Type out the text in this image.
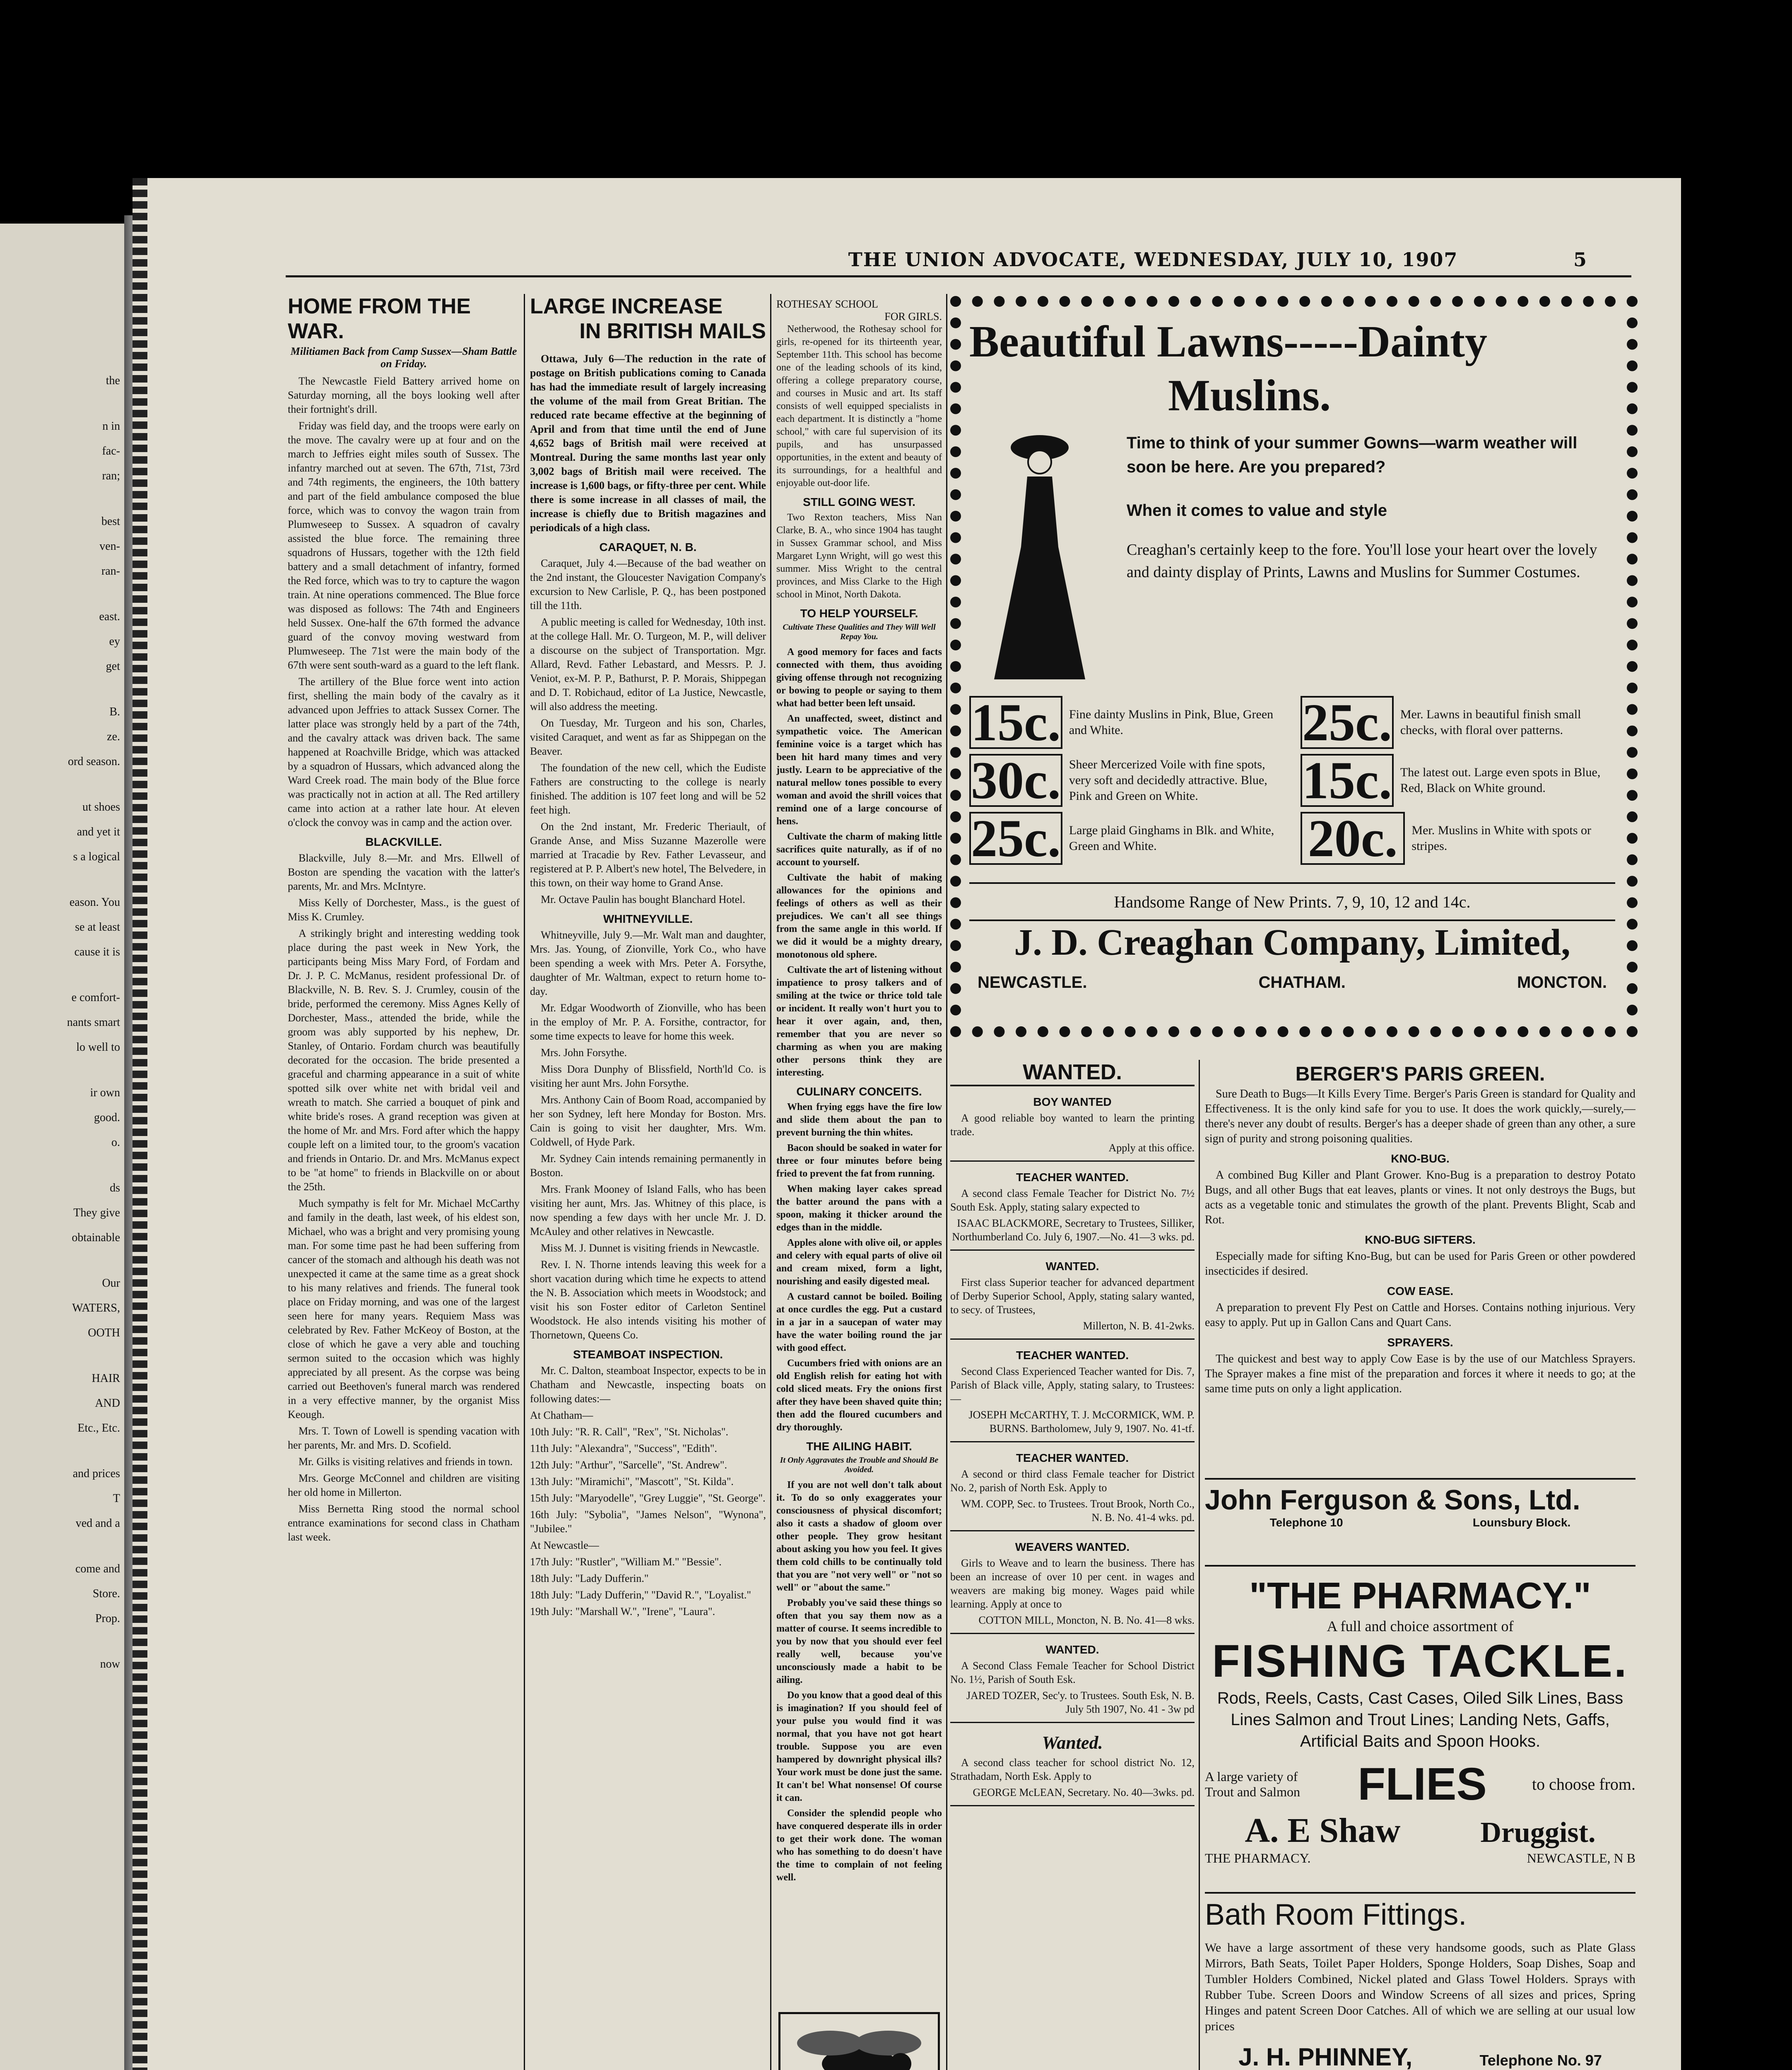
THE UNION ADVOCATE, WEDNESDAY, JULY 10, 1907	5
the
n in
fac-
ran;
best
ven-
ran-
east.
ey
get
B.
ze.
ord season.
ut shoes
and yet it
s a logical
eason. You
se at least
cause it is
e comfort-
nants smart
lo well to
ir own
good.
o.
ds
They give
obtainable
Our
WATERS,
OOTH
HAIR
AND
Etc., Etc.
and prices
T
ved and a
come and
Store.
Prop.
now
HOME FROM THE WAR.
Militiamen Back from Camp Sussex—Sham Battle on Friday.

The Newcastle Field Battery arrived home on Saturday morning, all the boys looking well after their fortnight's drill.

Friday was field day, and the troops were early on the move. The cavalry were up at four and on the march to Jeffries eight miles south of Sussex. The infantry marched out at seven. The 67th, 71st, 73rd and 74th regiments, the engineers, the 10th battery and part of the field ambulance composed the blue force, which was to convoy the wagon train from Plumweseep to Sussex. A squadron of cavalry assisted the blue force. The remaining three squadrons of Hussars, together with the 12th field battery and a small detachment of infantry, formed the Red force, which was to try to capture the wagon train. At nine operations commenced. The Blue force was disposed as follows: The 74th and Engineers held Sussex. One-half the 67th formed the advance guard of the convoy moving westward from Plumweseep. The 71st were the main body of the 67th were sent south-ward as a guard to the left flank.

The artillery of the Blue force went into action first, shelling the main body of the cavalry as it advanced upon Jeffries to attack Sussex Corner. The latter place was strongly held by a part of the 74th, and the cavalry attack was driven back. The same happened at Roachville Bridge, which was attacked by a squadron of Hussars, which advanced along the Ward Creek road. The main body of the Blue force was practically not in action at all. The Red artillery came into action at a rather late hour. At eleven o'clock the convoy was in camp and the action over.

BLACKVILLE.

Blackville, July 8.—Mr. and Mrs. Ellwell of Boston are spending the vacation with the latter's parents, Mr. and Mrs. McIntyre.

Miss Kelly of Dorchester, Mass., is the guest of Miss K. Crumley.

A strikingly bright and interesting wedding took place during the past week in New York, the participants being Miss Mary Ford, of Fordam and Dr. J. P. C. McManus, resident professional Dr. of Blackville, N. B. Rev. S. J. Crumley, cousin of the bride, performed the ceremony. Miss Agnes Kelly of Dorchester, Mass., attended the bride, while the groom was ably supported by his nephew, Dr. Stanley, of Ontario. Fordam church was beautifully decorated for the occasion. The bride presented a graceful and charming appearance in a suit of white spotted silk over white net with bridal veil and wreath to match. She carried a bouquet of pink and white bride's roses. A grand reception was given at the home of Mr. and Mrs. Ford after which the happy couple left on a limited tour, to the groom's vacation and friends in Ontario. Dr. and Mrs. McManus expect to be "at home" to friends in Blackville on or about the 25th.

Much sympathy is felt for Mr. Michael McCarthy and family in the death, last week, of his eldest son, Michael, who was a bright and very promising young man. For some time past he had been suffering from cancer of the stomach and although his death was not unexpected it came at the same time as a great shock to his many relatives and friends. The funeral took place on Friday morning, and was one of the largest seen here for many years. Requiem Mass was celebrated by Rev. Father McKeoy of Boston, at the close of which he gave a very able and touching sermon suited to the occasion which was highly appreciated by all present. As the corpse was being carried out Beethoven's funeral march was rendered in a very effective manner, by the organist Miss Keough.

Mrs. T. Town of Lowell is spending vacation with her parents, Mr. and Mrs. D. Scofield.

Mr. Gilks is visiting relatives and friends in town.

Mrs. George McConnel and children are visiting her old home in Millerton.

Miss Bernetta Ring stood the normal school entrance examinations for second class in Chatham last week.

LARGE INCREASE
IN BRITISH MAILS

Ottawa, July 6—The reduction in the rate of postage on British publications coming to Canada has had the immediate result of largely increasing the volume of the mail from Great Britian. The reduced rate became effective at the beginning of April and from that time until the end of June 4,652 bags of British mail were received at Montreal. During the same months last year only 3,002 bags of British mail were received. The increase is 1,600 bags, or fifty-three per cent. While there is some increase in all classes of mail, the increase is chiefly due to British magazines and periodicals of a high class.

CARAQUET, N. B.

Caraquet, July 4.—Because of the bad weather on the 2nd instant, the Gloucester Navigation Company's excursion to New Carlisle, P. Q., has been postponed till the 11th.

A public meeting is called for Wednesday, 10th inst. at the college Hall. Mr. O. Turgeon, M. P., will deliver a discourse on the subject of Transportation. Mgr. Allard, Revd. Father Lebastard, and Messrs. P. J. Veniot, ex-M. P. P., Bathurst, P. P. Morais, Shippegan and D. T. Robichaud, editor of La Justice, Newcastle, will also address the meeting.

On Tuesday, Mr. Turgeon and his son, Charles, visited Caraquet, and went as far as Shippegan on the Beaver.

The foundation of the new cell, which the Eudiste Fathers are constructing to the college is nearly finished. The addition is 107 feet long and will be 52 feet high.

On the 2nd instant, Mr. Frederic Theriault, of Grande Anse, and Miss Suzanne Mazerolle were married at Tracadie by Rev. Father Levasseur, and registered at P. P. Albert's new hotel, The Belvedere, in this town, on their way home to Grand Anse.

Mr. Octave Paulin has bought Blanchard Hotel.

WHITNEYVILLE.

Whitneyville, July 9.—Mr. Walt man and daughter, Mrs. Jas. Young, of Zionville, York Co., who have been spending a week with Mrs. Peter A. Forsythe, daughter of Mr. Waltman, expect to return home to-day.

Mr. Edgar Woodworth of Zionville, who has been in the employ of Mr. P. A. Forsithe, contractor, for some time expects to leave for home this week.

Mrs. John Forsythe.

Miss Dora Dunphy of Blissfield, North'ld Co. is visiting her aunt Mrs. John Forsythe.

Mrs. Anthony Cain of Boom Road, accompanied by her son Sydney, left here Monday for Boston. Mrs. Cain is going to visit her daughter, Mrs. Wm. Coldwell, of Hyde Park.

Mr. Sydney Cain intends remaining permanently in Boston.

Mrs. Frank Mooney of Island Falls, who has been visiting her aunt, Mrs. Jas. Whitney of this place, is now spending a few days with her uncle Mr. J. D. McAuley and other relatives in Newcastle.

Miss M. J. Dunnet is visiting friends in Newcastle.

Rev. I. N. Thorne intends leaving this week for a short vacation during which time he expects to attend the N. B. Association which meets in Woodstock; and visit his son Foster editor of Carleton Sentinel Woodstock. He also intends visiting his mother of Thornetown, Queens Co.

STEAMBOAT INSPECTION.

Mr. C. Dalton, steamboat Inspector, expects to be in Chatham and Newcastle, inspecting boats on following dates:—

At Chatham—

10th July: "R. R. Call", "Rex", "St. Nicholas".

11th July: "Alexandra", "Success", "Edith".

12th July: "Arthur", "Sarcelle", "St. Andrew".

13th July: "Miramichi", "Mascott", "St. Kilda".

15th July: "Maryodelle", "Grey Luggie", "St. George".

16th July: "Sybolia", "James Nelson", "Wynona", "Jubilee."

At Newcastle—

17th July: "Rustler", "William M." "Bessie".

18th July: "Lady Dufferin."

18th July: "Lady Dufferin," "David R.", "Loyalist."

19th July: "Marshall W.", "Irene", "Laura".

ROTHESAY SCHOOL
FOR GIRLS.

Netherwood, the Rothesay school for girls, re-opened for its thirteenth year, September 11th. This school has become one of the leading schools of its kind, offering a college preparatory course, and courses in Music and art. Its staff consists of well equipped specialists in each department. It is distinctly a "home school," with care ful supervision of its pupils, and has unsurpassed opportunities, in the extent and beauty of its surroundings, for a healthful and enjoyable out-door life.

STILL GOING WEST.

Two Rexton teachers, Miss Nan Clarke, B. A., who since 1904 has taught in Sussex Grammar school, and Miss Margaret Lynn Wright, will go west this summer. Miss Wright to the central provinces, and Miss Clarke to the High school in Minot, North Dakota.

TO HELP YOURSELF.
Cultivate These Qualities and They Will Well Repay You.

A good memory for faces and facts connected with them, thus avoiding giving offense through not recognizing or bowing to people or saying to them what had better been left unsaid.

An unaffected, sweet, distinct and sympathetic voice. The American feminine voice is a target which has been hit hard many times and very justly. Learn to be appreciative of the natural mellow tones possible to every woman and avoid the shrill voices that remind one of a large concourse of hens.

Cultivate the charm of making little sacrifices quite naturally, as if of no account to yourself.

Cultivate the habit of making allowances for the opinions and feelings of others as well as their prejudices. We can't all see things from the same angle in this world. If we did it would be a mighty dreary, monotonous old sphere.

Cultivate the art of listening without impatience to prosy talkers and of smiling at the twice or thrice told tale or incident. It really won't hurt you to hear it over again, and, then, remember that you are never so charming as when you are making other persons think they are interesting.

CULINARY CONCEITS.

When frying eggs have the fire low and slide them about the pan to prevent burning the thin whites.

Bacon should be soaked in water for three or four minutes before being fried to prevent the fat from running.

When making layer cakes spread the batter around the pans with a spoon, making it thicker around the edges than in the middle.

Apples alone with olive oil, or apples and celery with equal parts of olive oil and cream mixed, form a light, nourishing and easily digested meal.

A custard cannot be boiled. Boiling at once curdles the egg. Put a custard in a jar in a saucepan of water may have the water boiling round the jar with good effect.

Cucumbers fried with onions are an old English relish for eating hot with cold sliced meats. Fry the onions first after they have been shaved quite thin; then add the floured cucumbers and dry thoroughly.

THE AILING HABIT.
It Only Aggravates the Trouble and Should Be Avoided.

If you are not well don't talk about it. To do so only exaggerates your consciousness of physical discomfort; also it casts a shadow of gloom over other people. They grow hesitant about asking you how you feel. It gives them cold chills to be continually told that you are "not very well" or "not so well" or "about the same."

Probably you've said these things so often that you say them now as a matter of course. It seems incredible to you by now that you should ever feel really well, because you've unconsciously made a habit to be ailing.

Do you know that a good deal of this is imagination? If you should feel of your pulse you would find it was normal, that you have not got heart trouble. Suppose you are even hampered by downright physical ills? Your work must be done just the same. It can't be! What nonsense! Of course it can.

Consider the splendid people who have conquered desperate ills in order to get their work done. The woman who has something to do doesn't have the time to complain of not feeling well.

Beautiful Lawns-----Dainty
Muslins.
Time to think of your summer Gowns—warm weather will soon be here. Are you prepared?
When it comes to value and style
Creaghan's certainly keep to the fore. You'll lose your heart over the lovely and dainty display of Prints, Lawns and Muslins for Summer Costumes.
15c. Fine dainty Muslins in Pink, Blue, Green and White.	25c. Mer. Lawns in beautiful finish small checks, with floral over patterns.
30c. Sheer Mercerized Voile with fine spots, very soft and decidedly attractive. Blue, Pink and Green on White.	15c. The latest out. Large even spots in Blue, Red, Black on White ground.
25c. Large plaid Ginghams in Blk. and White, Green and White.	20c.	Mer. Muslins in White with spots or stripes.
Handsome Range of New Prints. 7, 9, 10, 12 and 14c.
J. D. Creaghan Company, Limited,
NEWCASTLE.	CHATHAM.	MONCTON.
WANTED.
BOY WANTED

A good reliable boy wanted to learn the printing trade.

Apply at this office.

TEACHER WANTED.

A second class Female Teacher for District No. 7½ South Esk. Apply, stating salary expected to

ISAAC BLACKMORE, Secretary to Trustees, Silliker, Northumberland Co. July 6, 1907.—No. 41—3 wks. pd.

WANTED.

First class Superior teacher for advanced department of Derby Superior School, Apply, stating salary wanted, to secy. of Trustees,

Millerton, N. B. 41-2wks.

TEACHER WANTED.

Second Class Experienced Teacher wanted for Dis. 7, Parish of Black ville, Apply, stating salary, to Trustees:—

JOSEPH McCARTHY, T. J. McCORMICK, WM. P. BURNS. Bartholomew, July 9, 1907. No. 41-tf.

TEACHER WANTED.

A second or third class Female teacher for District No. 2, parish of North Esk. Apply to

WM. COPP, Sec. to Trustees. Trout Brook, North Co., N. B. No. 41-4 wks. pd.

WEAVERS WANTED.

Girls to Weave and to learn the business. There has been an increase of over 10 per cent. in wages and weavers are making big money. Wages paid while learning. Apply at once to

COTTON MILL, Moncton, N. B. No. 41—8 wks.

WANTED.

A Second Class Female Teacher for School District No. 1½, Parish of South Esk.

JARED TOZER, Sec'y. to Trustees. South Esk, N. B. July 5th 1907, No. 41 - 3w pd

Wanted.

A second class teacher for school district No. 12, Strathadam, North Esk. Apply to

GEORGE McLEAN, Secretary. No. 40—3wks. pd.

BERGER'S PARIS GREEN.

Sure Death to Bugs—It Kills Every Time. Berger's Paris Green is standard for Quality and Effectiveness. It is the only kind safe for you to use. It does the work quickly,—surely,—there's never any doubt of results. Berger's has a deeper shade of green than any other, a sure sign of purity and strong poisoning qualities.

KNO-BUG.

A combined Bug Killer and Plant Grower. Kno-Bug is a preparation to destroy Potato Bugs, and all other Bugs that eat leaves, plants or vines. It not only destroys the Bugs, but acts as a vegetable tonic and stimulates the growth of the plant. Prevents Blight, Scab and Rot.

KNO-BUG SIFTERS.

Especially made for sifting Kno-Bug, but can be used for Paris Green or other powdered insecticides if desired.

COW EASE.

A preparation to prevent Fly Pest on Cattle and Horses. Contains nothing injurious. Very easy to apply. Put up in Gallon Cans and Quart Cans.

SPRAYERS.

The quickest and best way to apply Cow Ease is by the use of our Matchless Sprayers. The Sprayer makes a fine mist of the preparation and forces it where it needs to go; at the same time puts on only a light application.

John Ferguson & Sons, Ltd.
Telephone 10	Lounsbury Block.
"THE PHARMACY."
A full and choice assortment of
FISHING TACKLE.
Rods, Reels, Casts, Cast Cases, Oiled Silk Lines, Bass Lines Salmon and Trout Lines; Landing Nets, Gaffs, Artificial Baits and Spoon Hooks.
A large variety of Trout and Salmon FLIES	to choose from.
A. E Shaw	Druggist.
THE PHARMACY.	NEWCASTLE, N B
Bath Room Fittings.
We have a large assortment of these very handsome goods, such as Plate Glass Mirrors, Bath Seats, Toilet Paper Holders, Sponge Holders, Soap Dishes, Soap and Tumbler Holders Combined, Nickel plated and Glass Towel Holders. Sprays with Rubber Tube. Screen Doors and Window Screens of all sizes and prices, Spring Hinges and patent Screen Door Catches. All of which we are selling at our usual low prices
J. H. PHINNEY,	Telephone No. 97
